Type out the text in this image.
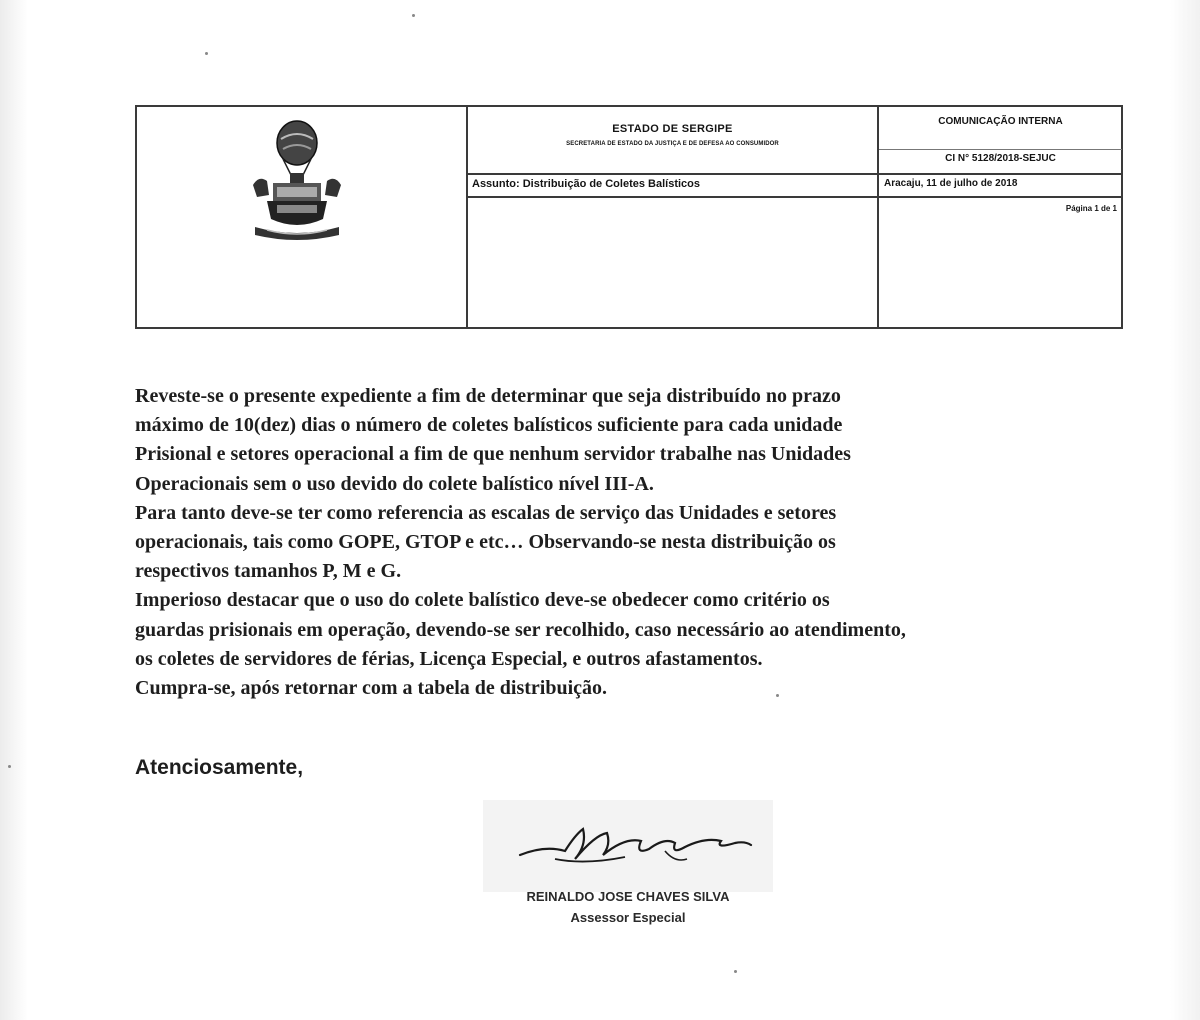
ESTADO DE SERGIPE
SECRETARIA DE ESTADO DA JUSTIÇA E DE DEFESA AO CONSUMIDOR
COMUNICAÇÃO INTERNA
CI N° 5128/2018-SEJUC
Assunto: Distribuição de Coletes Balísticos	Aracaju, 11 de julho de 2018
Página 1 de 1

Reveste-se o presente expediente a fim de determinar que seja distribuído no prazo

máximo de 10(dez) dias o número de coletes balísticos suficiente para cada unidade

Prisional e setores operacional a fim de que nenhum servidor trabalhe nas Unidades

Operacionais sem o uso devido do colete balístico nível III-A.

Para tanto deve-se ter como referencia as escalas de serviço das Unidades e setores

operacionais, tais como GOPE, GTOP e etc… Observando-se nesta distribuição os

respectivos tamanhos P, M e G.

Imperioso destacar que o uso do colete balístico deve-se obedecer como critério os

guardas prisionais em operação, devendo-se ser recolhido, caso necessário ao atendimento,

os coletes de servidores de férias, Licença Especial, e outros afastamentos.

Cumpra-se, após retornar com a tabela de distribuição.

Atenciosamente,
REINALDO JOSE CHAVES SILVA
Assessor Especial
